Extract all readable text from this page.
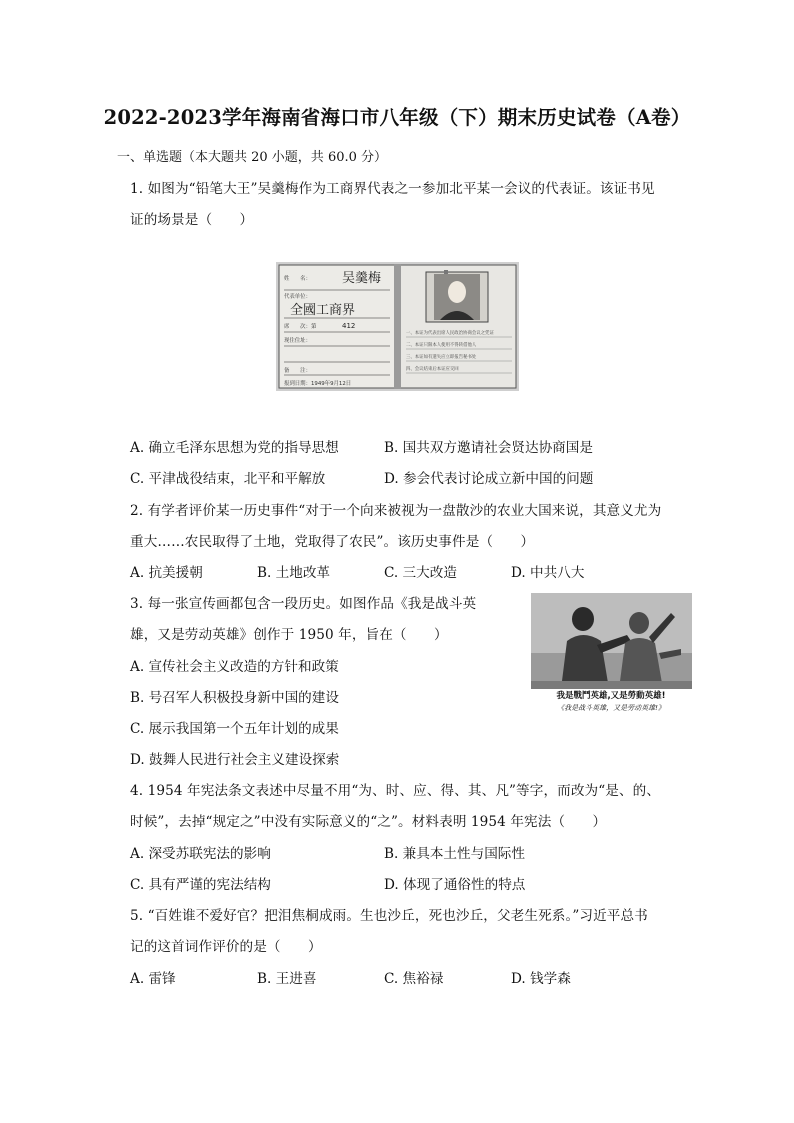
2022-2023学年海南省海口市八年级（下）期末历史试卷（A卷）
一、单选题（本大题共 20 小题，共 60.0 分）
1. 如图为“铅笔大王”吴羹梅作为工商界代表之一参加北平某一会议的代表证。该证书见
证的场景是（　　）
姓　　名：
代表单位：
席　　次：第
现住住址：
备　　注：
报到日期：1949年9月12日
吴羹梅
全國工商界
412
一、本证为代表出席人民政治协商会议之凭证
二、本证只限本人使用不得转借他人
三、本证如有遗失应立即报告秘书处
四、会议结束后本证应交回
A. 确立毛泽东思想为党的指导思想	B. 国共双方邀请社会贤达协商国是
C. 平津战役结束，北平和平解放	D. 参会代表讨论成立新中国的问题
2. 有学者评价某一历史事件“对于一个向来被视为一盘散沙的农业大国来说，其意义尤为
重大……农民取得了土地，党取得了农民”。该历史事件是（　　）
A. 抗美援朝	B. 土地改革	C. 三大改造	D. 中共八大
3. 每一张宣传画都包含一段历史。如图作品《我是战斗英
雄，又是劳动英雄》创作于 1950 年，旨在（　　）
我是戰鬥英雄,又是勞動英雄!
《我是战斗英雄，又是劳动英雄!》
A. 宣传社会主义改造的方针和政策
B. 号召军人积极投身新中国的建设
C. 展示我国第一个五年计划的成果
D. 鼓舞人民进行社会主义建设探索
4. 1954 年宪法条文表述中尽量不用“为、时、应、得、其、凡”等字，而改为“是、的、
时候”，去掉“规定之”中没有实际意义的“之”。材料表明 1954 年宪法（　　）
A. 深受苏联宪法的影响	B. 兼具本土性与国际性
C. 具有严谨的宪法结构	D. 体现了通俗性的特点
5. “百姓谁不爱好官？把泪焦桐成雨。生也沙丘，死也沙丘，父老生死系。”习近平总书
记的这首词作评价的是（　　）
A. 雷锋	B. 王进喜	C. 焦裕禄	D. 钱学森
